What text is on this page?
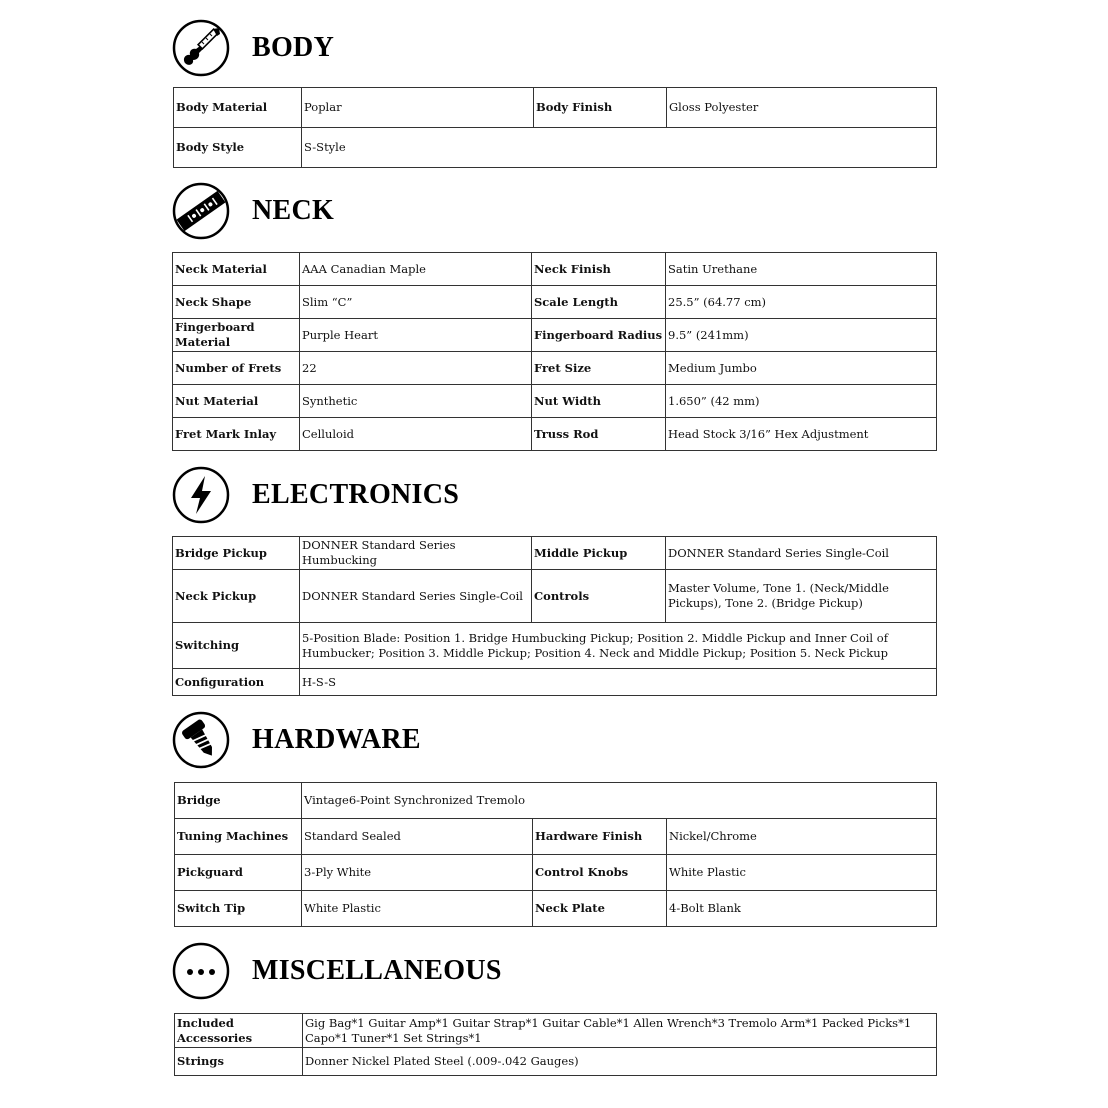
BODY
Body Material	Poplar	Body Finish	Gloss Polyester
Body Style	S-Style		
NECK
Neck Material	AAA Canadian Maple	Neck Finish	Satin Urethane
Neck Shape	Slim “C”	Scale Length	25.5” (64.77 cm)
Fingerboard Material	Purple Heart	Fingerboard Radius	9.5” (241mm)
Number of Frets	22	Fret Size	Medium Jumbo
Nut Material	Synthetic	Nut Width	1.650” (42 mm)
Fret Mark Inlay	Celluloid	Truss Rod	Head Stock 3/16” Hex Adjustment
ELECTRONICS
Bridge Pickup	DONNER Standard Series Humbucking	Middle Pickup	DONNER Standard Series Single-Coil
Neck Pickup	DONNER Standard Series Single-Coil	Controls	Master Volume, Tone 1. (Neck/Middle Pickups), Tone 2. (Bridge Pickup)
Switching	5-Position Blade: Position 1. Bridge Humbucking Pickup; Position 2. Middle Pickup and Inner Coil of Humbucker; Position 3. Middle Pickup; Position 4. Neck and Middle Pickup; Position 5. Neck Pickup		
Configuration	H-S-S		
HARDWARE
Bridge	Vintage6-Point Synchronized Tremolo		
Tuning Machines	Standard Sealed	Hardware Finish	Nickel/Chrome
Pickguard	3-Ply White	Control Knobs	White Plastic
Switch Tip	White Plastic	Neck Plate	4-Bolt Blank
MISCELLANEOUS
Included Accessories	Gig Bag*1 Guitar Amp*1 Guitar Strap*1 Guitar Cable*1 Allen Wrench*3 Tremolo Arm*1 Packed Picks*1 Capo*1 Tuner*1 Set Strings*1
Strings	Donner Nickel Plated Steel (.009-.042 Gauges)
